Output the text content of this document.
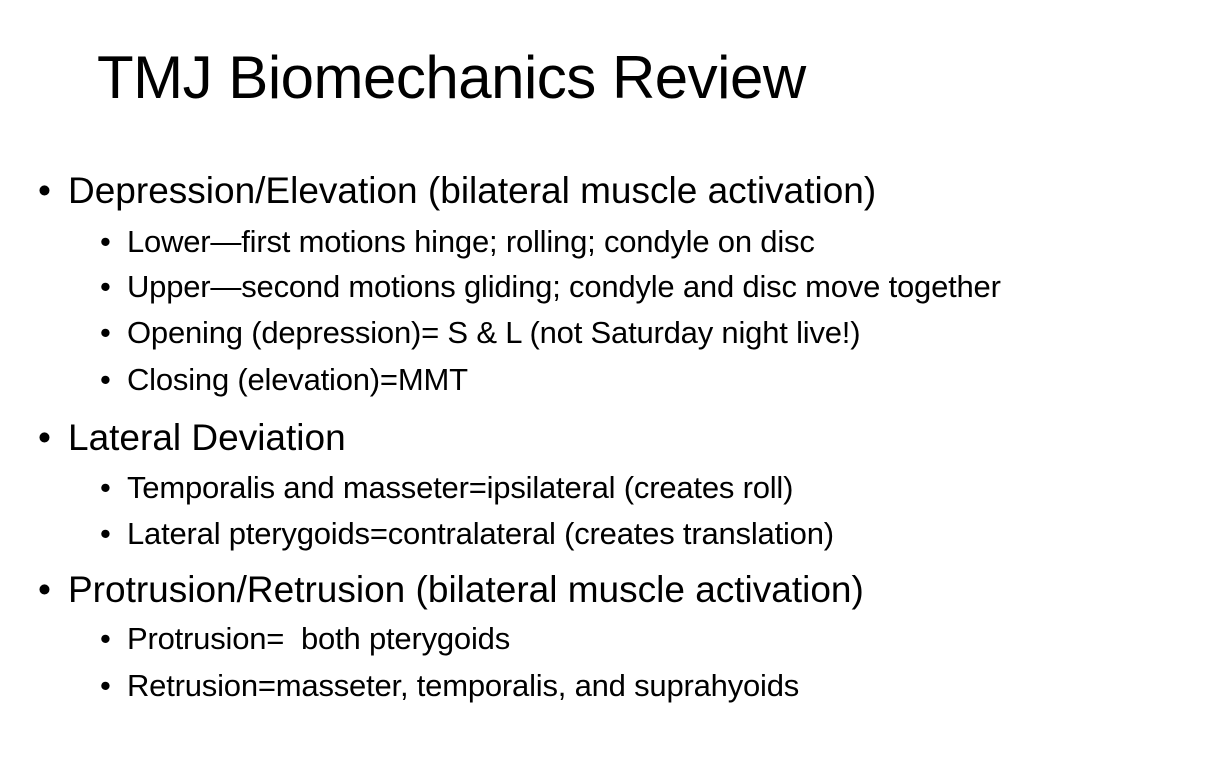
TMJ Biomechanics Review
• Depression/Elevation (bilateral muscle activation)
• Lower—first motions hinge; rolling; condyle on disc
• Upper—second motions gliding; condyle and disc move together
• Opening (depression)= S & L (not Saturday night live!)
• Closing (elevation)=MMT
• Lateral Deviation
• Temporalis and masseter=ipsilateral (creates roll)
• Lateral pterygoids=contralateral (creates translation)
• Protrusion/Retrusion (bilateral muscle activation)
• Protrusion=  both pterygoids
• Retrusion=masseter, temporalis, and suprahyoids
